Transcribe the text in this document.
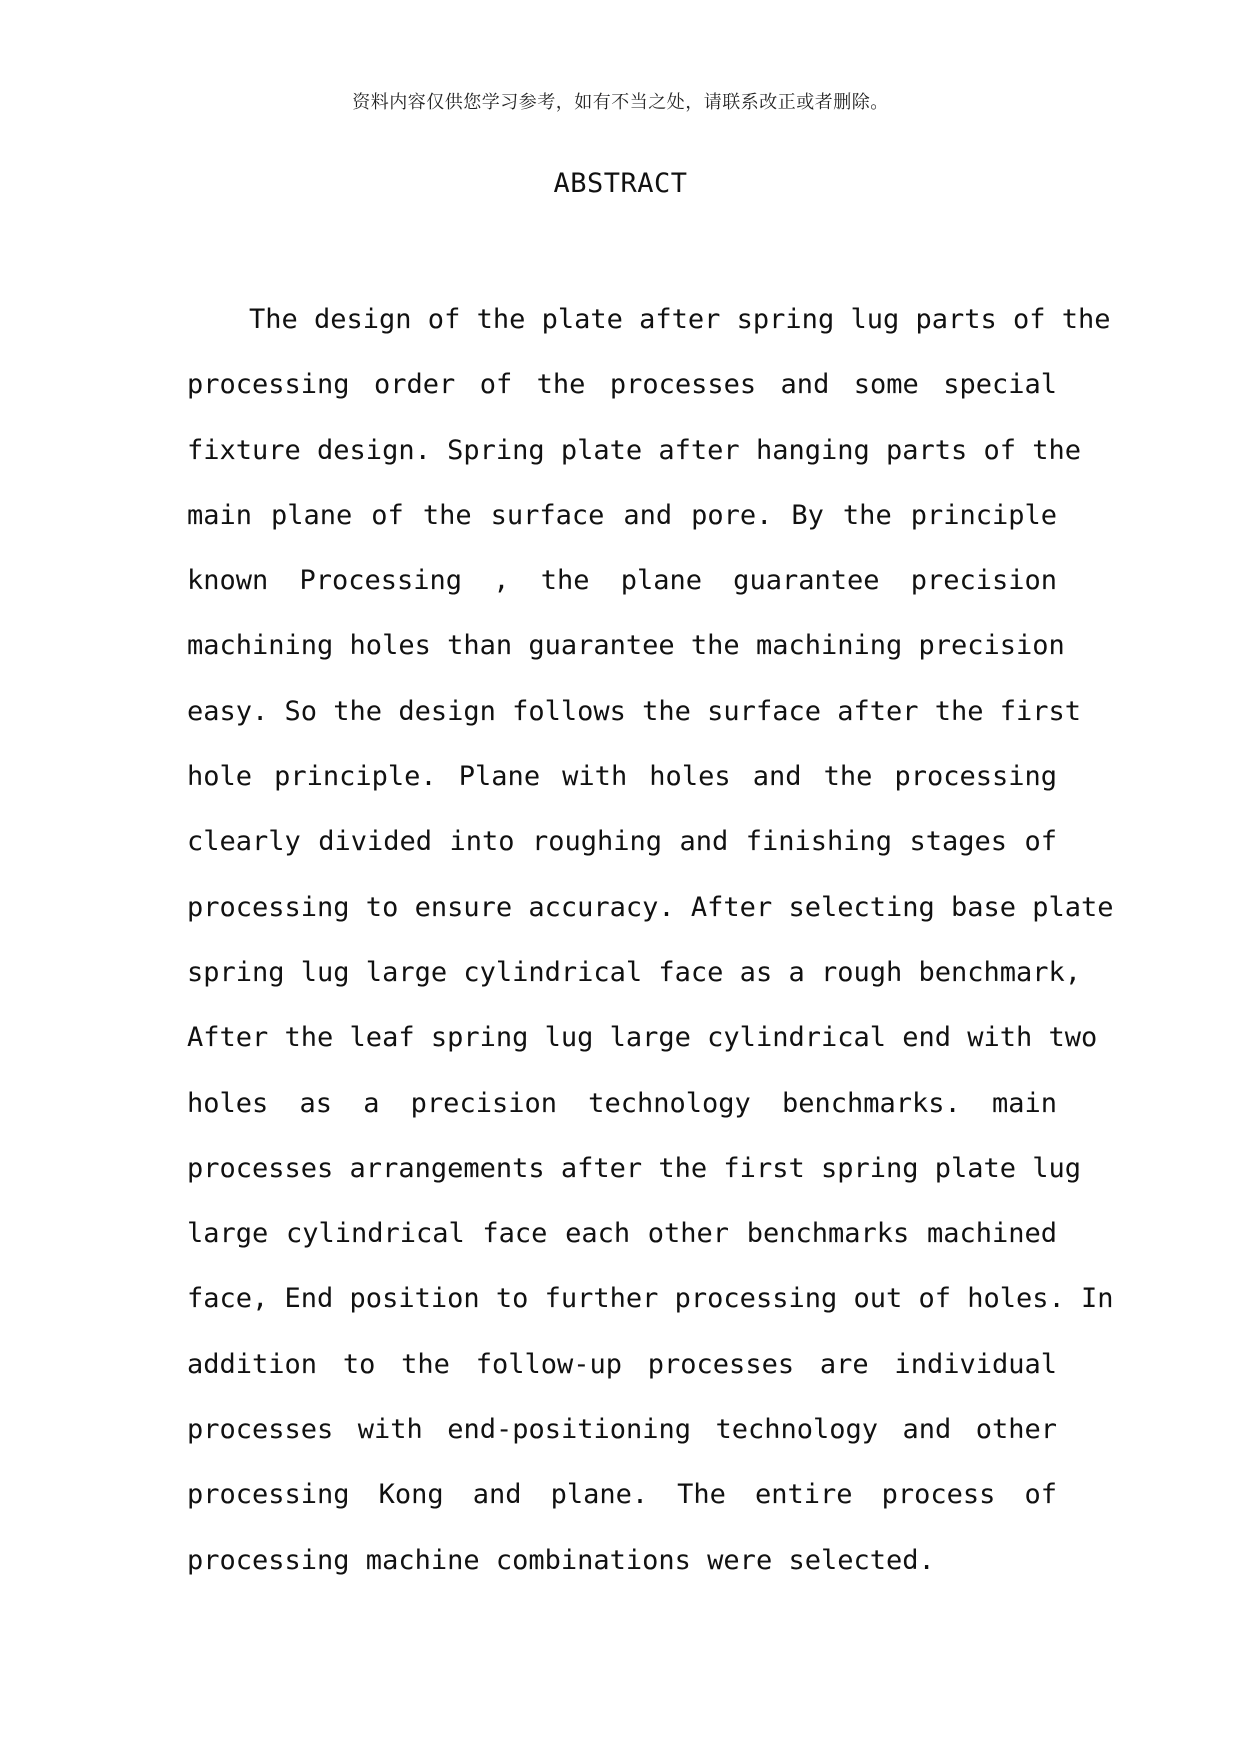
资料内容仅供您学习参考，如有不当之处，请联系改正或者删除。
ABSTRACT
The design of the plate after spring lug parts of the
processing order of the processes and some special
fixture design. Spring plate after hanging parts of the
main plane of the surface and pore. By the principle
known Processing , the plane guarantee precision
machining holes than guarantee the machining precision
easy. So the design follows the surface after the first
hole principle. Plane with holes and the processing
clearly divided into roughing and finishing stages of
processing to ensure accuracy. After selecting base plate
spring lug large cylindrical face as a rough benchmark,
After the leaf spring lug large cylindrical end with two
holes as a precision technology benchmarks. main
processes arrangements after the first spring plate lug
large cylindrical face each other benchmarks machined
face, End position to further processing out of holes. In
addition to the follow-up processes are individual
processes with end-positioning technology and other
processing Kong and plane. The entire process of
processing machine combinations were selected.
